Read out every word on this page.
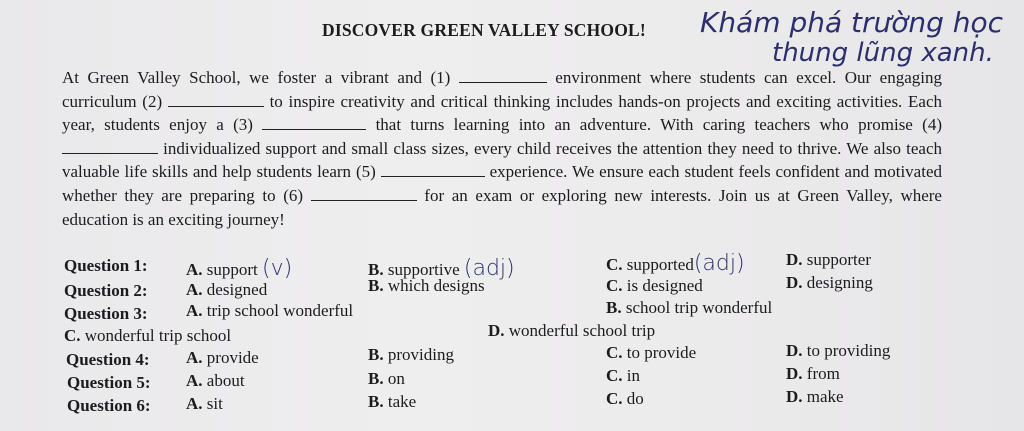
DISCOVER GREEN VALLEY SCHOOL! Khám phá trường học
thung lũng xanh.
At Green Valley School, we foster a vibrant and (1)	environment where students can excel. Our engaging curriculum (2)	to inspire creativity and critical thinking includes hands-on projects and exciting activities. Each year, students enjoy a (3)	that turns learning into an adventure. With caring teachers who promise (4) individualized support and small class sizes, every child receives the attention they need to thrive. We also teach valuable life skills and help students learn (5)	experience. We ensure each student feels confident and motivated whether they are preparing to (6)	for an exam or exploring new interests. Join us at Green Valley, where education is an exciting journey!
Question 1: A. support (v)	B. supportive (adj)	C. supported(adj) D. supporter
Question 2: A. designed	B. which designs	C. is designed	D. designing
Question 3: A. trip school wonderful	B. school trip wonderful
C. wonderful trip school	D. wonderful school trip
Question 4: A. provide	B. providing	C. to provide	D. to providing
Question 5: A. about	B. on	C. in	D. from
Question 6: A. sit	B. take	C. do	D. make
